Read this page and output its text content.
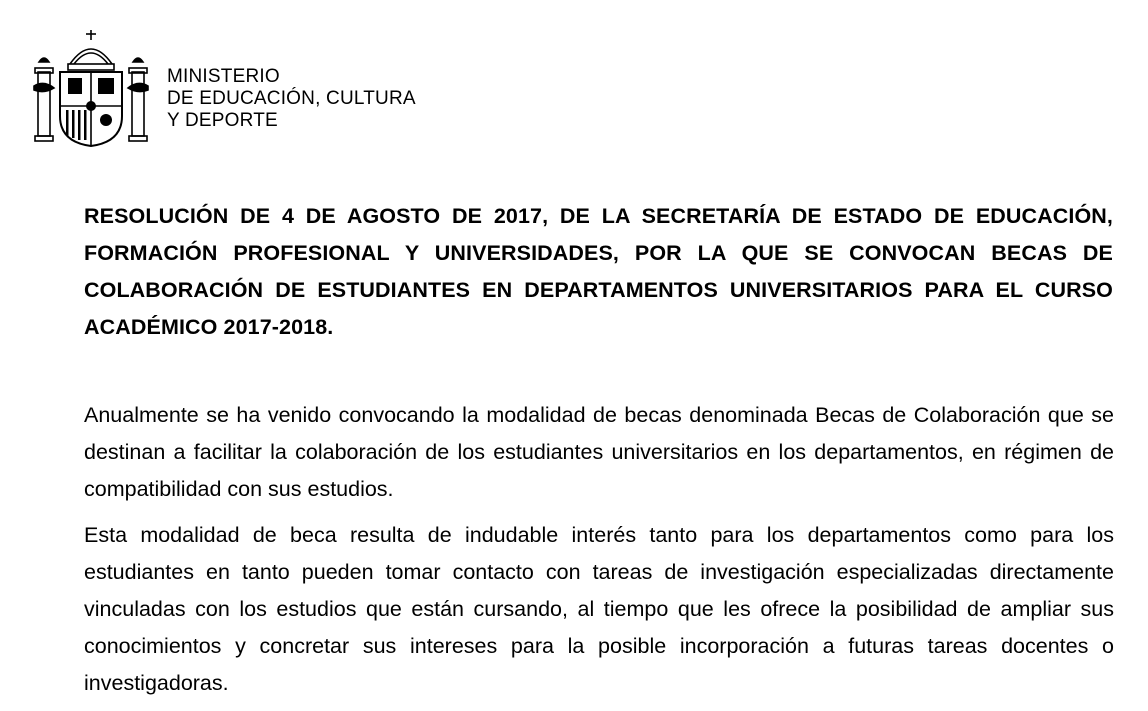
MINISTERIO
DE EDUCACIÓN, CULTURA
Y DEPORTE
RESOLUCIÓN DE 4 DE AGOSTO DE 2017, DE LA SECRETARÍA DE ESTADO DE EDUCACIÓN, FORMACIÓN PROFESIONAL Y UNIVERSIDADES, POR LA QUE SE CONVOCAN BECAS DE COLABORACIÓN DE ESTUDIANTES EN DEPARTAMENTOS UNIVERSITARIOS PARA EL CURSO ACADÉMICO 2017-2018.

Anualmente se ha venido convocando la modalidad de becas denominada Becas de Colaboración que se destinan a facilitar la colaboración de los estudiantes universitarios en los departamentos, en régimen de compatibilidad con sus estudios.

Esta modalidad de beca resulta de indudable interés tanto para los departamentos como para los estudiantes en tanto pueden tomar contacto con tareas de investigación especializadas directamente vinculadas con los estudios que están cursando, al tiempo que les ofrece la posibilidad de ampliar sus conocimientos y concretar sus intereses para la posible incorporación a futuras tareas docentes o investigadoras.
